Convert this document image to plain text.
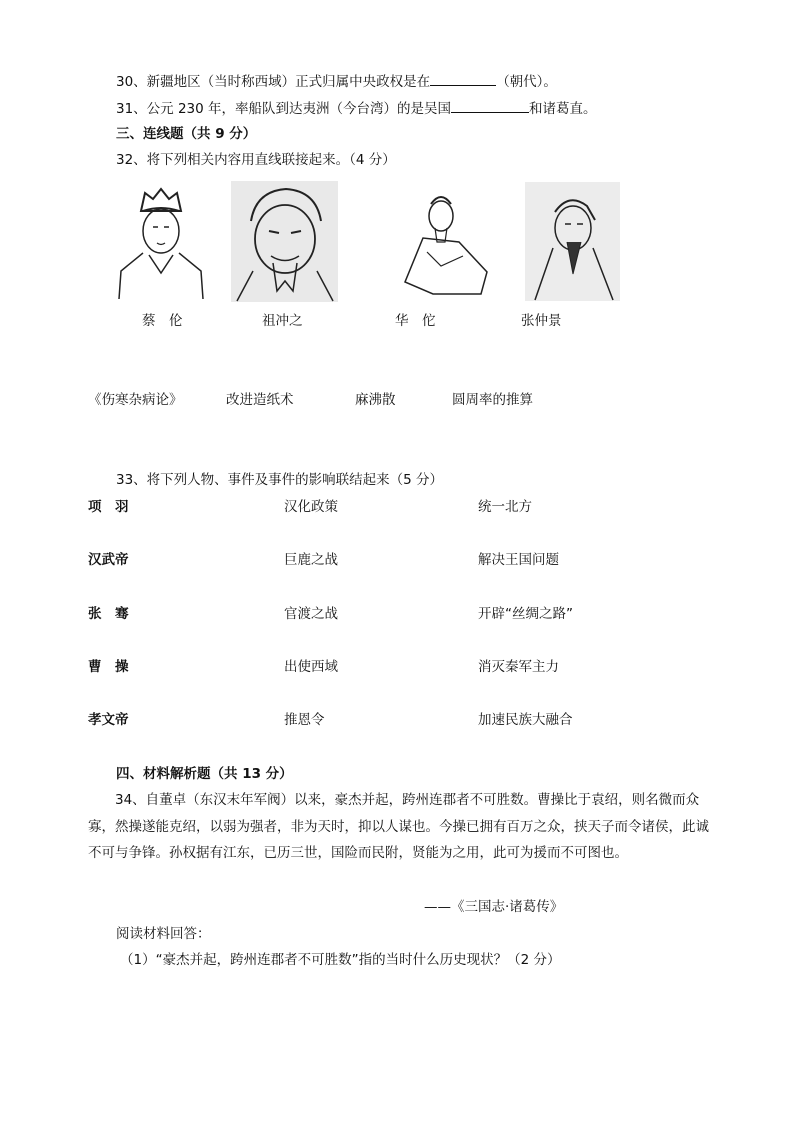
30、新疆地区（当时称西域）正式归属中央政权是在	（朝代）。
31、公元 230 年，率船队到达夷洲（今台湾）的是吴国	和诸葛直。
三、连线题（共 9 分）
32、将下列相关内容用直线联接起来。（4 分）
蔡　伦	祖冲之	华　佗	张仲景
《伤寒杂病论》	改进造纸术	麻沸散	圆周率的推算
33、将下列人物、事件及事件的影响联结起来（5 分）
项　羽	汉化政策	统一北方
汉武帝	巨鹿之战	解决王国问题
张　骞	官渡之战	开辟“丝绸之路”
曹　操	出使西域	消灭秦军主力
孝文帝	推恩令	加速民族大融合
四、材料解析题（共 13 分）
34、自董卓（东汉末年军阀）以来，豪杰并起，跨州连郡者不可胜数。曹操比于袁绍，则名微而众寡，然操遂能克绍，以弱为强者，非为天时，抑以人谋也。今操已拥有百万之众，挟天子而令诸侯，此诚不可与争锋。孙权据有江东，已历三世，国险而民附，贤能为之用，此可为援而不可图也。
——《三国志·诸葛传》
阅读材料回答：
（1）“豪杰并起，跨州连郡者不可胜数”指的当时什么历史现状？（2 分）
